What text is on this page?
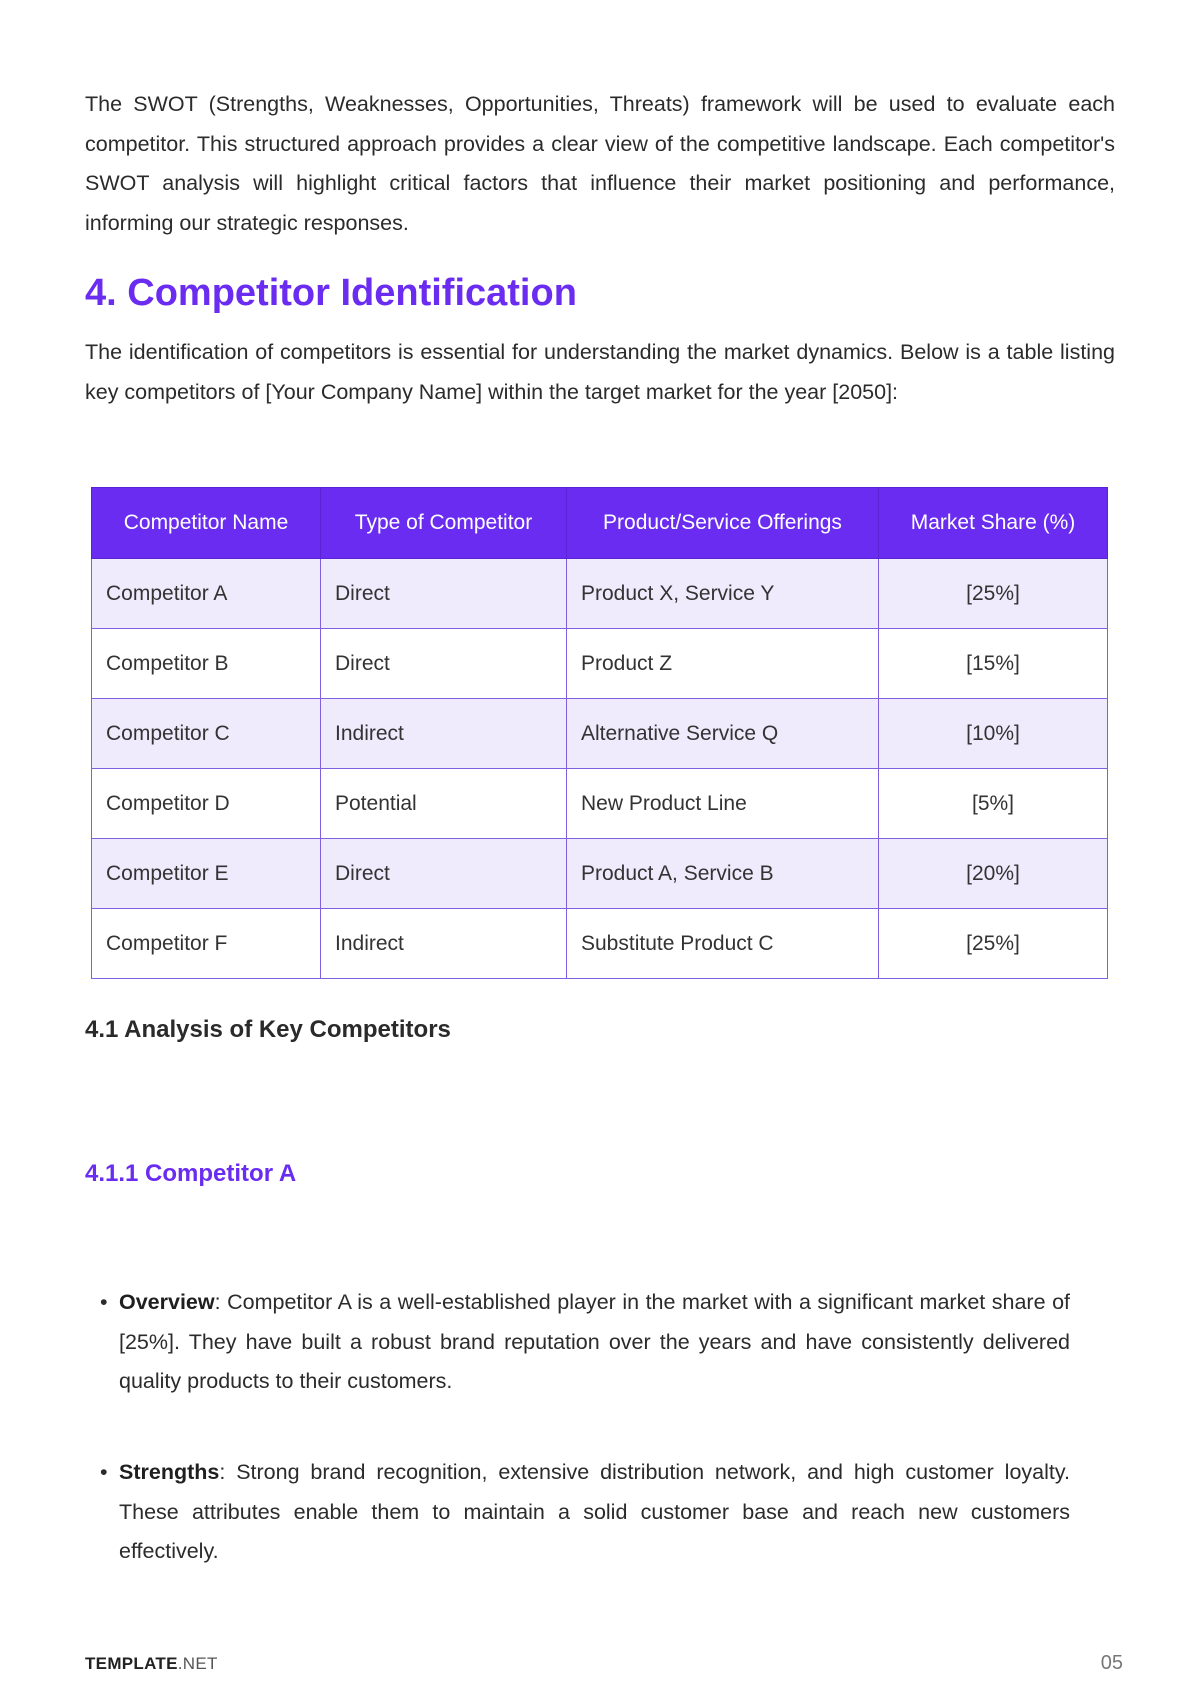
The SWOT (Strengths, Weaknesses, Opportunities, Threats) framework will be used to evaluate each competitor. This structured approach provides a clear view of the competitive landscape. Each competitor's SWOT analysis will highlight critical factors that influence their market positioning and performance, informing our strategic responses.

4. Competitor Identification

The identification of competitors is essential for understanding the market dynamics. Below is a table listing key competitors of [Your Company Name] within the target market for the year [2050]:

Competitor Name	Type of Competitor	Product/Service Offerings	Market Share (%)
Competitor A	Direct	Product X, Service Y	[25%]
Competitor B	Direct	Product Z	[15%]
Competitor C	Indirect	Alternative Service Q	[10%]
Competitor D	Potential	New Product Line	[5%]
Competitor E	Direct	Product A, Service B	[20%]
Competitor F	Indirect	Substitute Product C	[25%]
4.1 Analysis of Key Competitors
4.1.1 Competitor A
• Overview: Competitor A is a well-established player in the market with a significant market share of [25%]. They have built a robust brand reputation over the years and have consistently delivered quality products to their customers.
• Strengths: Strong brand recognition, extensive distribution network, and high customer loyalty. These attributes enable them to maintain a solid customer base and reach new customers effectively.
TEMPLATE.NET	05
